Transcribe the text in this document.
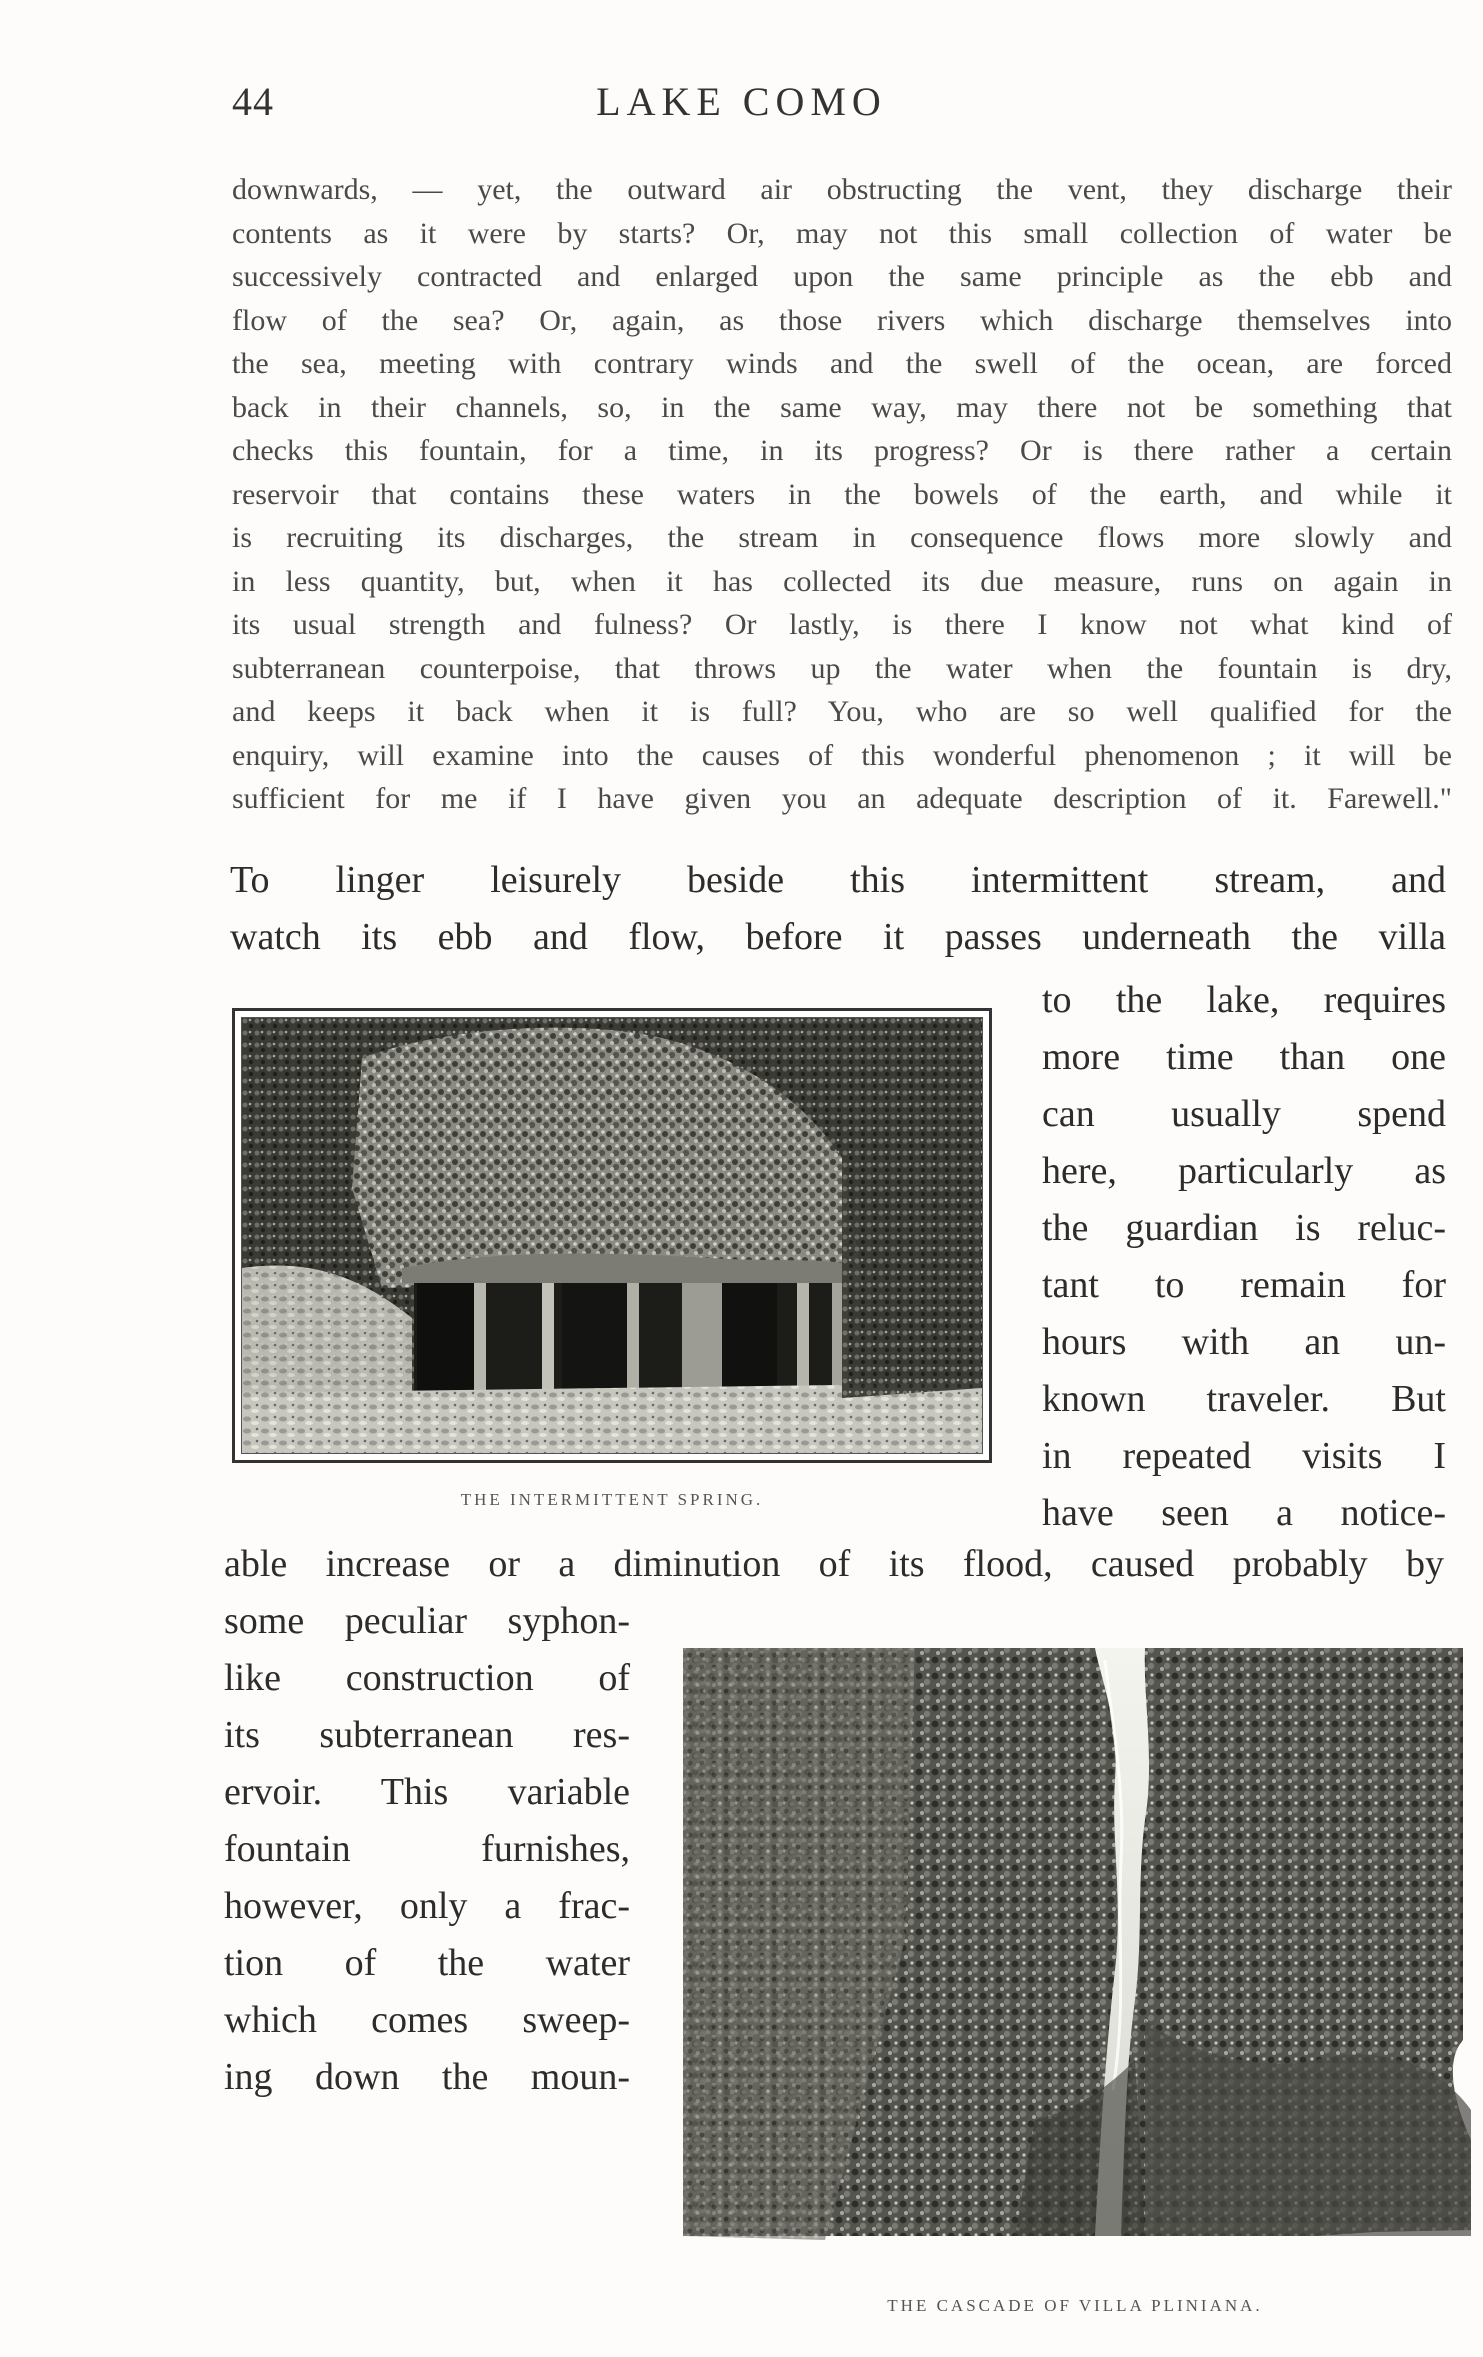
44	LAKE COMO
downwards, — yet, the outward air obstructing the vent, they discharge their
contents as it were by starts? Or, may not this small collection of water be
successively contracted and enlarged upon the same principle as the ebb and
flow of the sea? Or, again, as those rivers which discharge themselves into
the sea, meeting with contrary winds and the swell of the ocean, are forced
back in their channels, so, in the same way, may there not be something that
checks this fountain, for a time, in its progress? Or is there rather a certain
reservoir that contains these waters in the bowels of the earth, and while it
is recruiting its discharges, the stream in consequence flows more slowly and
in less quantity, but, when it has collected its due measure, runs on again in
its usual strength and fulness? Or lastly, is there I know not what kind of
subterranean counterpoise, that throws up the water when the fountain is dry,
and keeps it back when it is full? You, who are so well qualified for the
enquiry, will examine into the causes of this wonderful phenomenon ; it will be
sufficient for me if I have given you an adequate description of it. Farewell."
To linger leisurely beside this intermittent stream, and
watch its ebb and flow, before it passes underneath the villa
to the lake, requires
more time than one
can usually spend
here, particularly as
the guardian is reluc-
tant to remain for
hours with an un-
known traveler. But
in repeated visits I
have seen a notice-
able increase or a diminution of its flood, caused probably by
some peculiar syphon-
like construction of
its subterranean res-
ervoir. This variable
fountain furnishes,
however, only a frac-
tion of the water
which comes sweep-
ing down the moun-
THE INTERMITTENT SPRING.
THE CASCADE OF VILLA PLINIANA.
